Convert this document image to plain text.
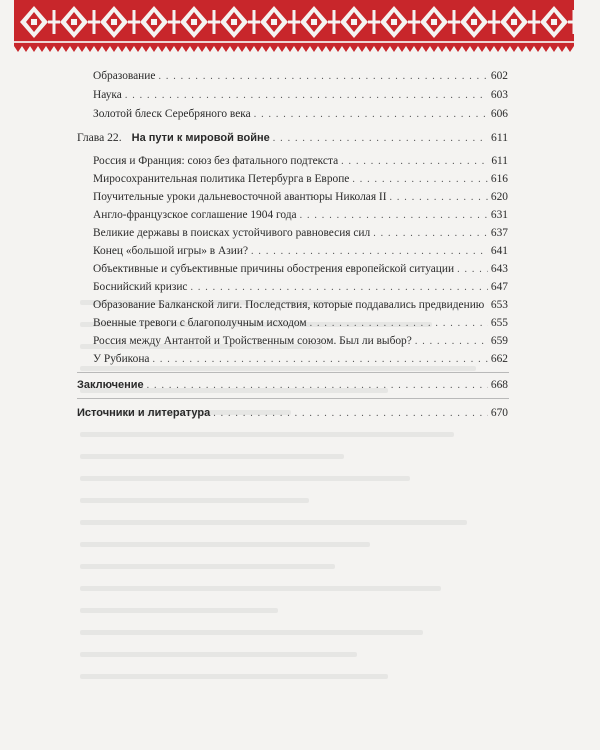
Образование . . .	602
Наука . . .	603
Золотой блеск Серебряного века . . .	606
Глава 22. На пути к мировой войне . . .	611
Россия и Франция: союз без фатального подтекста . . .	611
Миросохранительная политика Петербурга в Европе . . .	616
Поучительные уроки дальневосточной авантюры Николая II . . .	620
Англо-французское соглашение 1904 года . . .	631
Великие державы в поисках устойчивого равновесия сил . . .	637
Конец «большой игры» в Азии? . . .	641
Объективные и субъективные причины обострения европейской ситуации . . .	643
Боснийский кризис . . .	647
Образование Балканской лиги. Последствия, которые поддавались предвидению . . . 653
Военные тревоги с благополучным исходом . . .	655
Россия между Антантой и Тройственным союзом. Был ли выбор? . . .	659
У Рубикона . . .	662
Заключение . . .	668
Источники и литература . . .	670
